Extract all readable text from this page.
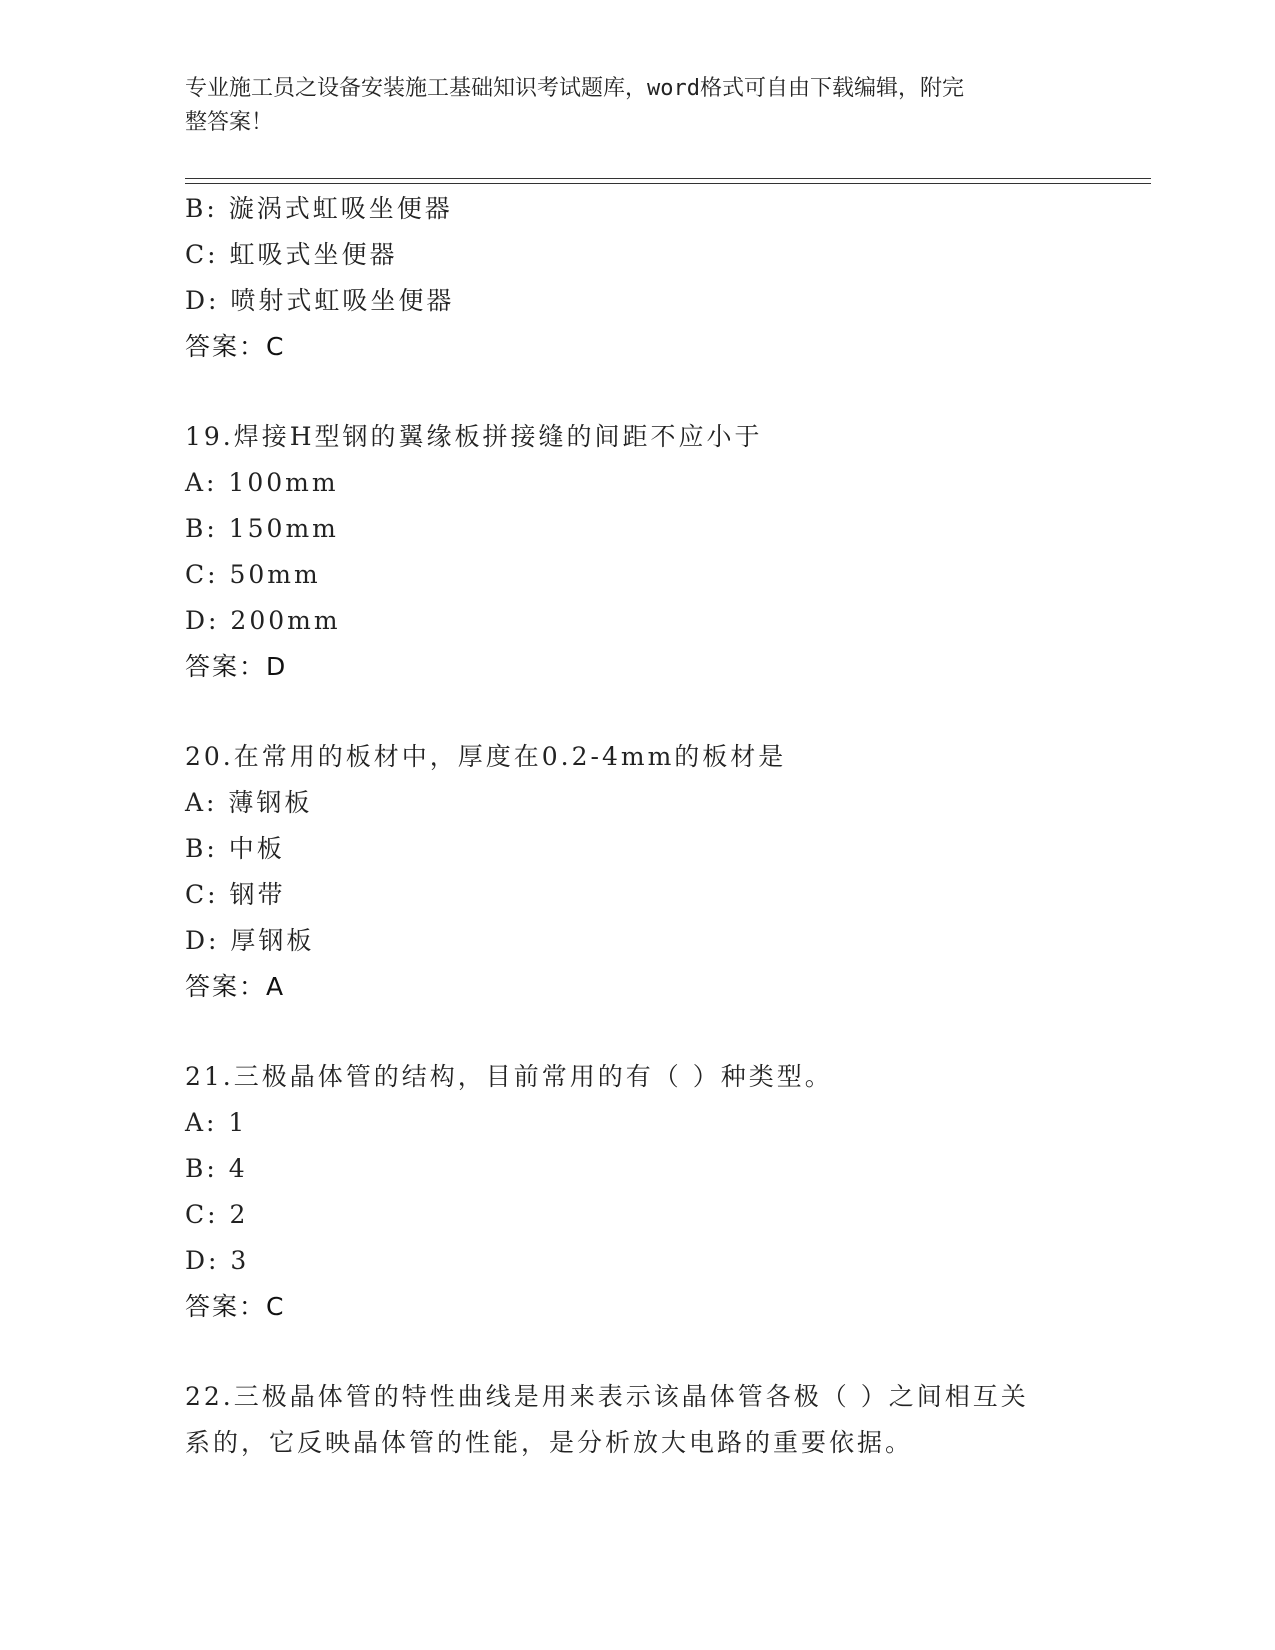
专业施工员之设备安装施工基础知识考试题库，word格式可自由下载编辑，附完
整答案！
B: 漩涡式虹吸坐便器
C: 虹吸式坐便器
D: 喷射式虹吸坐便器
答案：C
19.焊接H型钢的翼缘板拼接缝的间距不应小于
A: 100mm
B: 150mm
C: 50mm
D: 200mm
答案：D
20.在常用的板材中，厚度在0.2-4mm的板材是
A: 薄钢板
B: 中板
C: 钢带
D: 厚钢板
答案：A
21.三极晶体管的结构，目前常用的有（ ）种类型。
A: 1
B: 4
C: 2
D: 3
答案：C
22.三极晶体管的特性曲线是用来表示该晶体管各极（ ）之间相互关
系的，它反映晶体管的性能，是分析放大电路的重要依据。
